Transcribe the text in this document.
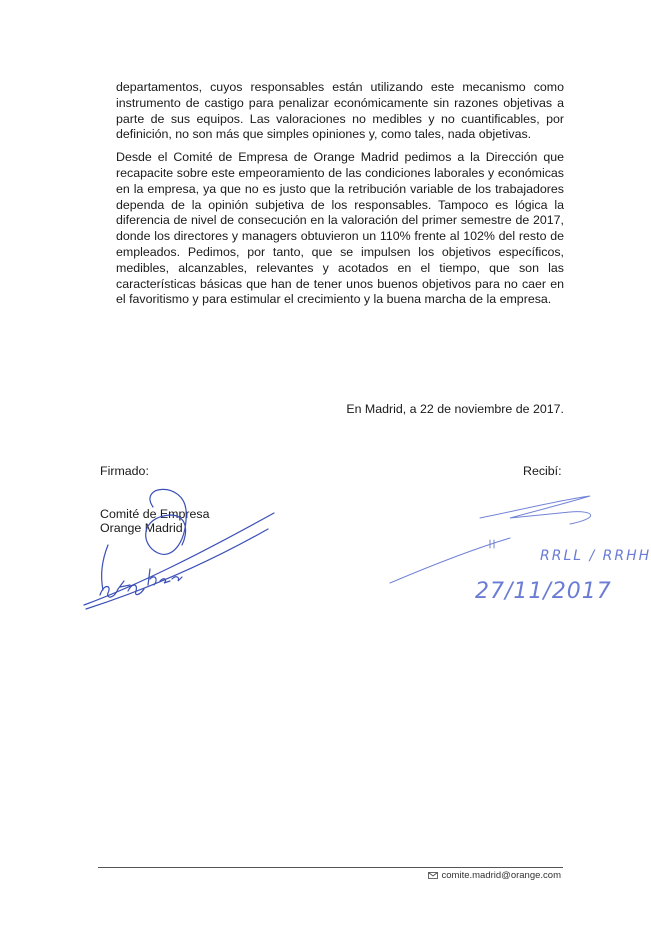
departamentos, cuyos responsables están utilizando este mecanismo como instrumento de castigo para penalizar económicamente sin razones objetivas a parte de sus equipos. Las valoraciones no medibles y no cuantificables, por definición, no son más que simples opiniones y, como tales, nada objetivas.

Desde el Comité de Empresa de Orange Madrid pedimos a la Dirección que recapacite sobre este empeoramiento de las condiciones laborales y económicas en la empresa, ya que no es justo que la retribución variable de los trabajadores dependa de la opinión subjetiva de los responsables. Tampoco es lógica la diferencia de nivel de consecución en la valoración del primer semestre de 2017, donde los directores y managers obtuvieron un 110% frente al 102% del resto de empleados. Pedimos, por tanto, que se impulsen los objetivos específicos, medibles, alcanzables, relevantes y acotados en el tiempo, que son las características básicas que han de tener unos buenos objetivos para no caer en el favoritismo y para estimular el crecimiento y la buena marcha de la empresa.

En Madrid, a 22 de noviembre de 2017.
Firmado:	Recibí:
Comité de Empresa
Orange Madrid
RRLL / RRHH
27/11/2017
comite.madrid@orange.com
